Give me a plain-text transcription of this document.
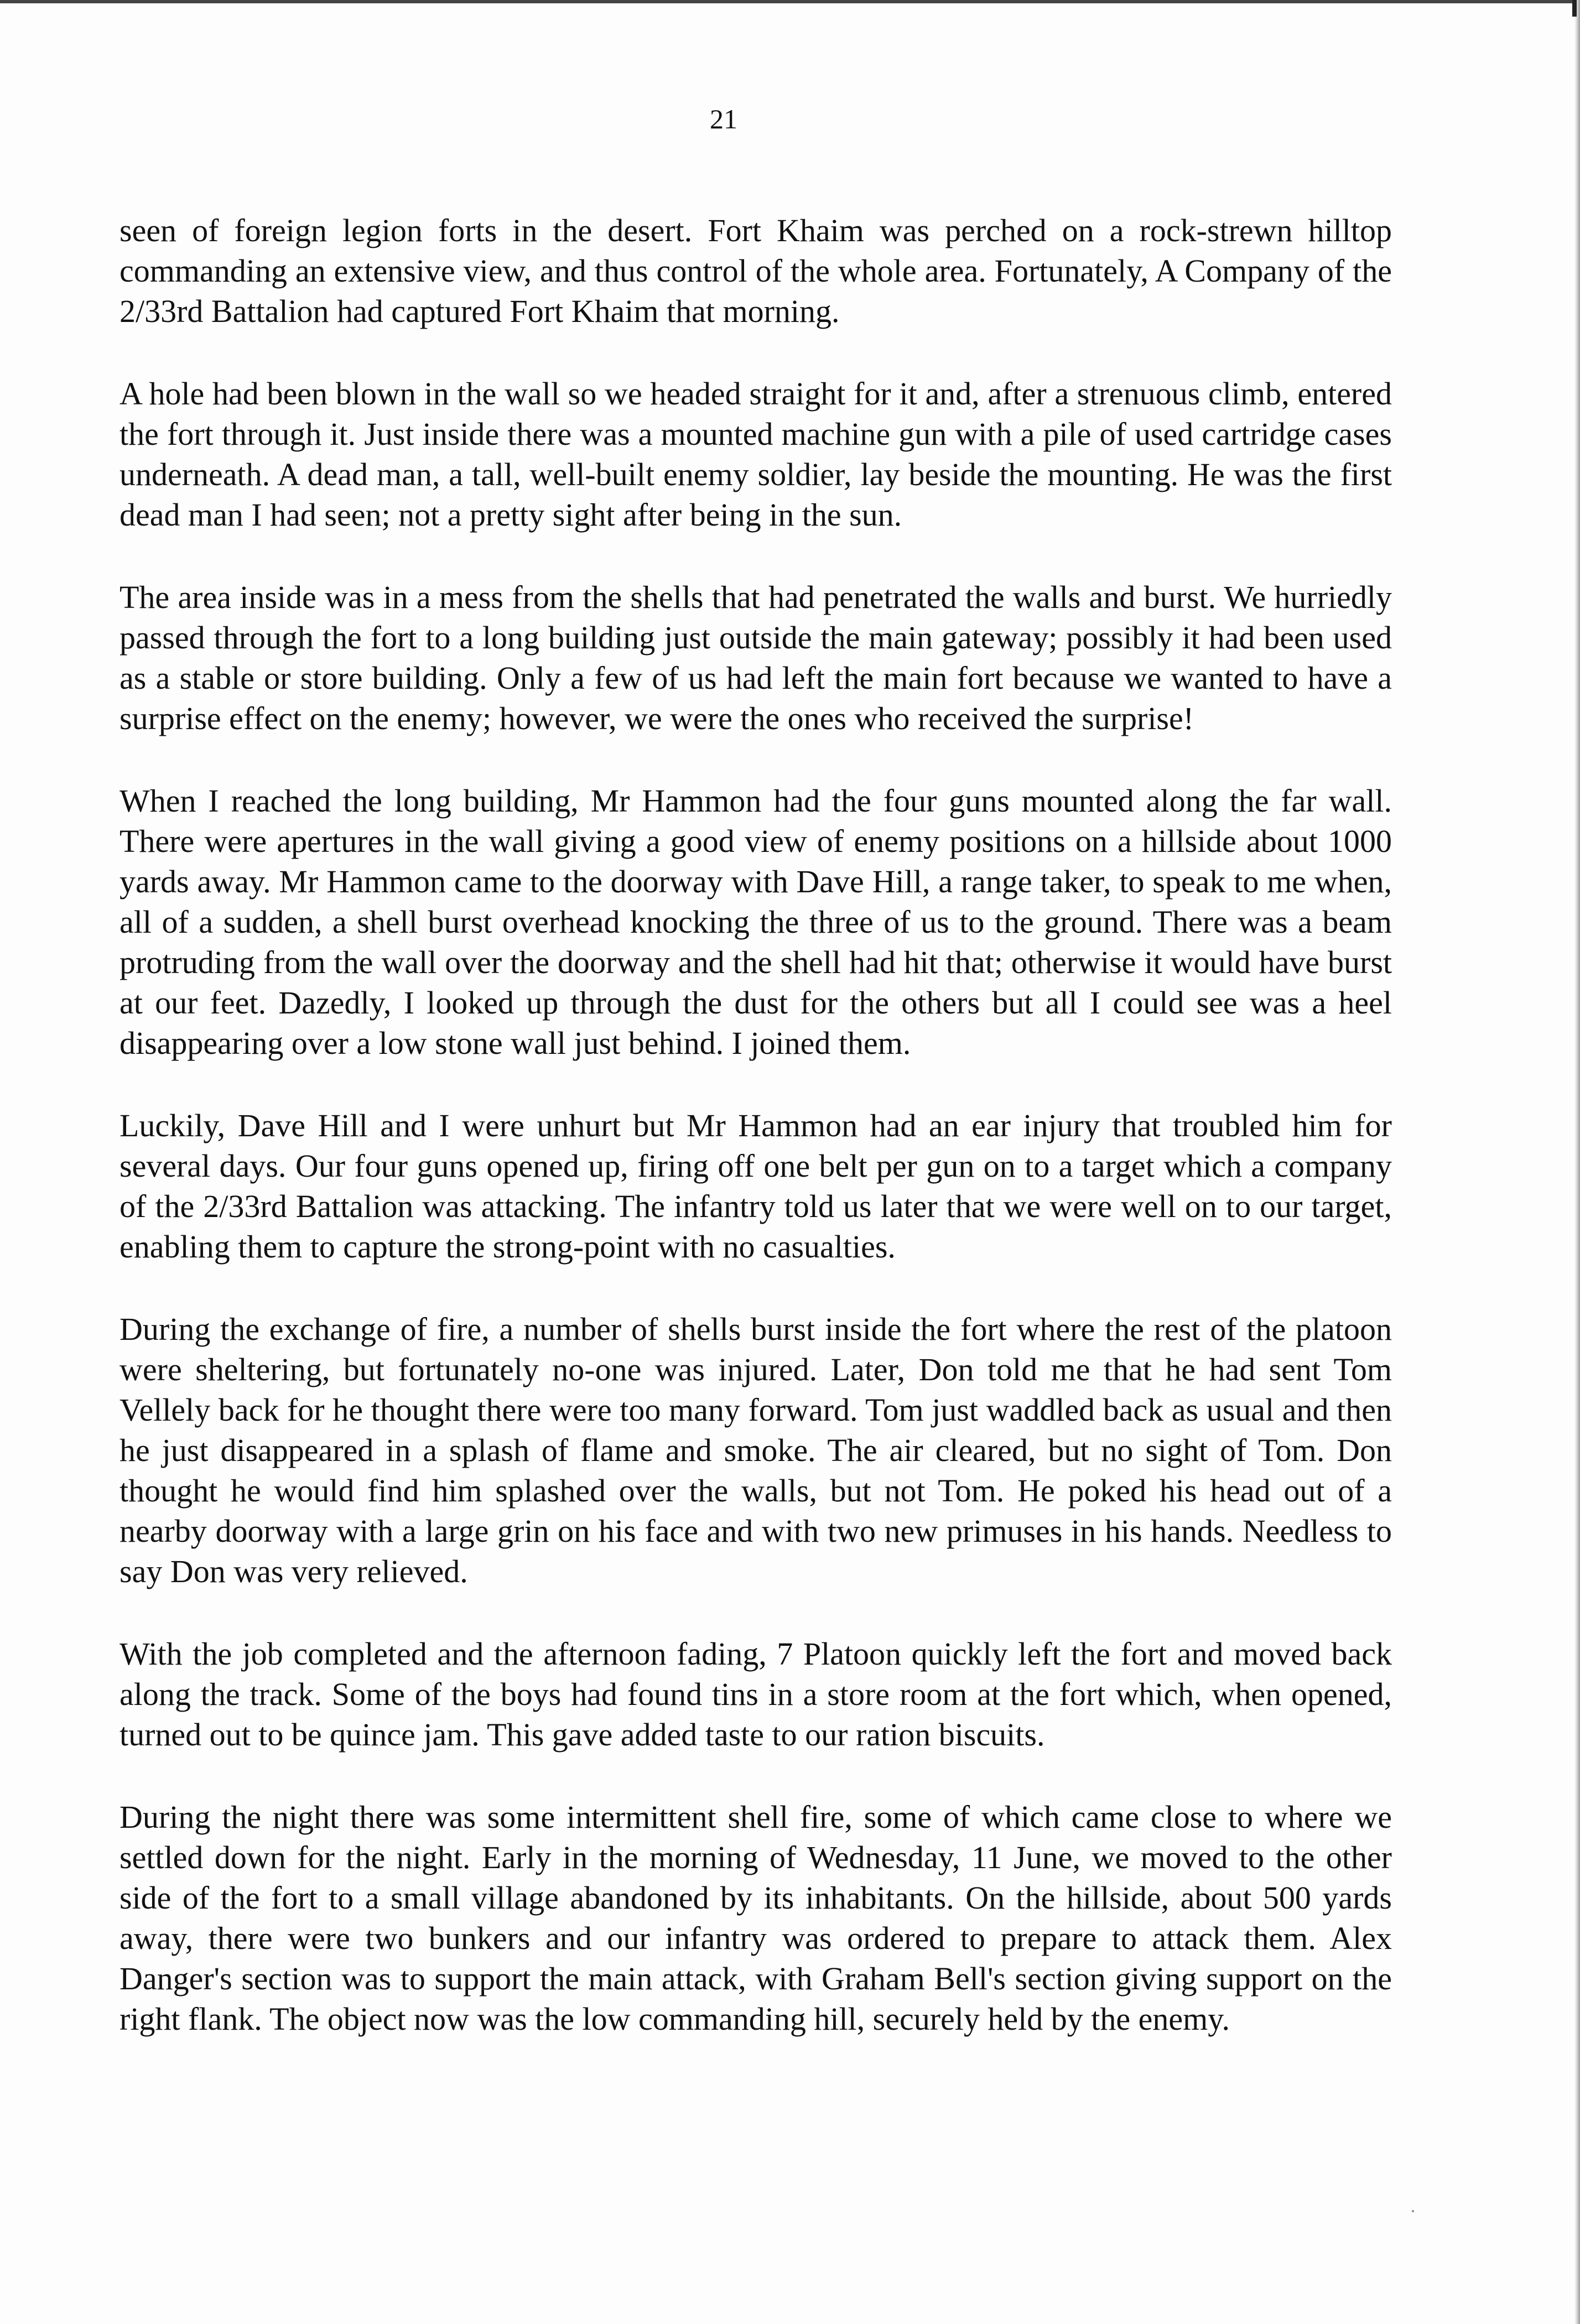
21

seen of foreign legion forts in the desert. Fort Khaim was perched on a rock-strewn hilltop commanding an extensive view, and thus control of the whole area. Fortunately, A Company of the 2/33rd Battalion had captured Fort Khaim that morning.

A hole had been blown in the wall so we headed straight for it and, after a strenuous climb, entered the fort through it. Just inside there was a mounted machine gun with a pile of used cartridge cases underneath. A dead man, a tall, well-built enemy soldier, lay beside the mounting. He was the first dead man I had seen; not a pretty sight after being in the sun.

The area inside was in a mess from the shells that had penetrated the walls and burst. We hurriedly passed through the fort to a long building just outside the main gateway; possibly it had been used as a stable or store building. Only a few of us had left the main fort because we wanted to have a surprise effect on the enemy; however, we were the ones who received the surprise!

When I reached the long building, Mr Hammon had the four guns mounted along the far wall. There were apertures in the wall giving a good view of enemy positions on a hillside about 1000 yards away. Mr Hammon came to the doorway with Dave Hill, a range taker, to speak to me when, all of a sudden, a shell burst overhead knocking the three of us to the ground. There was a beam protruding from the wall over the doorway and the shell had hit that; otherwise it would have burst at our feet. Dazedly, I looked up through the dust for the others but all I could see was a heel disappearing over a low stone wall just behind. I joined them.

Luckily, Dave Hill and I were unhurt but Mr Hammon had an ear injury that troubled him for several days. Our four guns opened up, firing off one belt per gun on to a target which a company of the 2/33rd Battalion was attacking. The infantry told us later that we were well on to our target, enabling them to capture the strong-point with no casualties.

During the exchange of fire, a number of shells burst inside the fort where the rest of the platoon were sheltering, but fortunately no-one was injured. Later, Don told me that he had sent Tom Vellely back for he thought there were too many forward. Tom just waddled back as usual and then he just disappeared in a splash of flame and smoke. The air cleared, but no sight of Tom. Don thought he would find him splashed over the walls, but not Tom. He poked his head out of a nearby doorway with a large grin on his face and with two new primuses in his hands. Needless to say Don was very relieved.

With the job completed and the afternoon fading, 7 Platoon quickly left the fort and moved back along the track. Some of the boys had found tins in a store room at the fort which, when opened, turned out to be quince jam. This gave added taste to our ration biscuits.

During the night there was some intermittent shell fire, some of which came close to where we settled down for the night. Early in the morning of Wednesday, 11 June, we moved to the other side of the fort to a small village abandoned by its inhabitants. On the hillside, about 500 yards away, there were two bunkers and our infantry was ordered to prepare to attack them. Alex Danger's section was to support the main attack, with Graham Bell's section giving support on the right flank. The object now was the low commanding hill, securely held by the enemy.
